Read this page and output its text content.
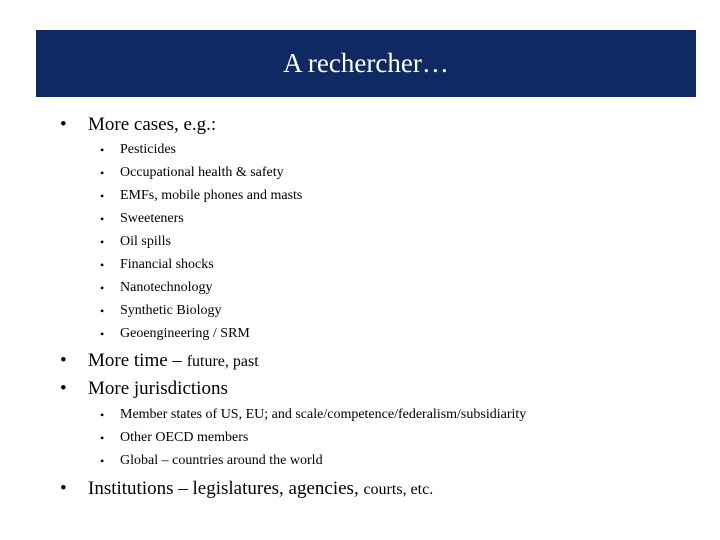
A rechercher…
• More cases, e.g.:
• Pesticides
• Occupational health & safety
• EMFs, mobile phones and masts
• Sweeteners
• Oil spills
• Financial shocks
• Nanotechnology
• Synthetic Biology
• Geoengineering / SRM
• More time – future, past
• More jurisdictions
• Member states of US, EU; and scale/competence/federalism/subsidiarity
• Other OECD members
• Global – countries around the world
• Institutions – legislatures, agencies, courts, etc.
